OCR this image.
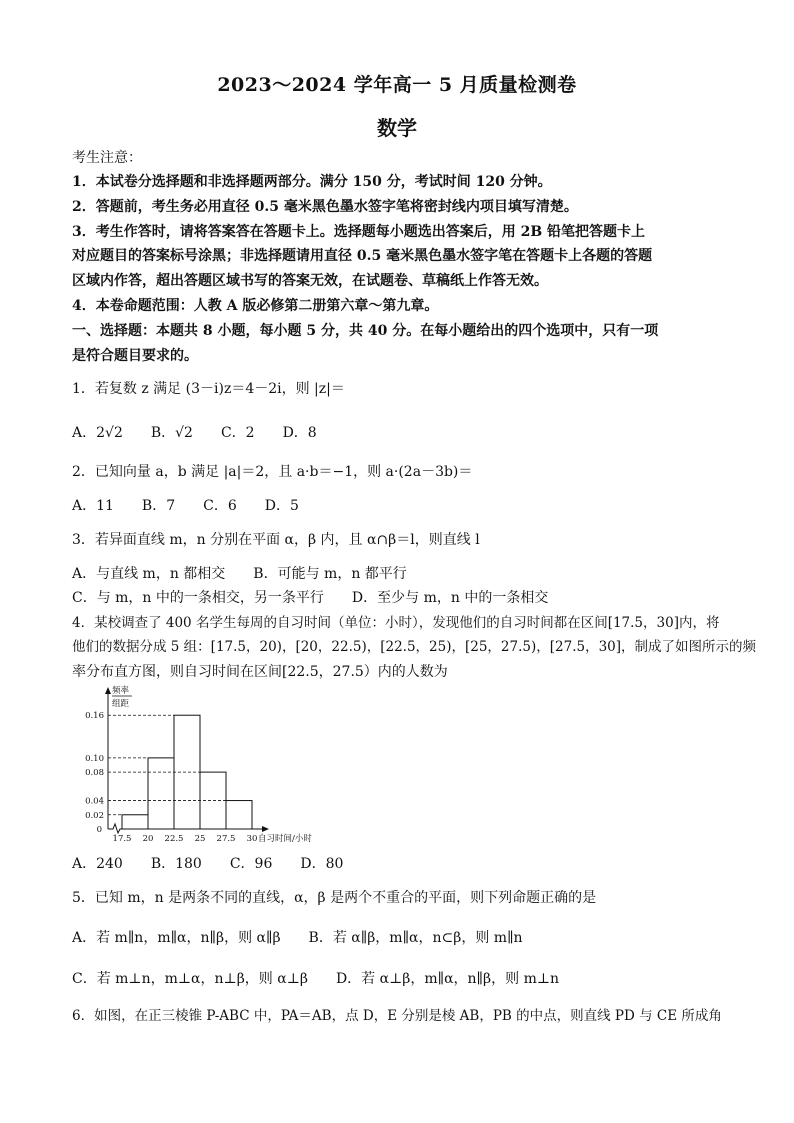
2023～2024 学年高一 5 月质量检测卷
数学
考生注意：
1．本试卷分选择题和非选择题两部分。满分 150 分，考试时间 120 分钟。
2．答题前，考生务必用直径 0.5 毫米黑色墨水签字笔将密封线内项目填写清楚。
3．考生作答时，请将答案答在答题卡上。选择题每小题选出答案后，用 2B 铅笔把答题卡上
对应题目的答案标号涂黑；非选择题请用直径 0.5 毫米黑色墨水签字笔在答题卡上各题的答题
区域内作答，超出答题区域书写的答案无效，在试题卷、草稿纸上作答无效。
4．本卷命题范围：人教 A 版必修第二册第六章～第九章。
一、选择题：本题共 8 小题，每小题 5 分，共 40 分。在每小题给出的四个选项中，只有一项
是符合题目要求的。
1．若复数 z 满足 (3－i)z＝4－2i，则 |z|＝
A．2√2　　B．√2　　C．2　　D．8
2．已知向量 a，b 满足 |a|＝2，且 a·b＝−1，则 a·(2a－3b)＝
A．11　　B．7　　C．6　　D．5
3．若异面直线 m，n 分别在平面 α，β 内，且 α∩β＝l，则直线 l
A．与直线 m，n 都相交　　B．可能与 m，n 都平行
C．与 m，n 中的一条相交，另一条平行　　D．至少与 m，n 中的一条相交
4．某校调查了 400 名学生每周的自习时间（单位：小时），发现他们的自习时间都在区间[17.5，30]内，将
他们的数据分成 5 组：[17.5，20)，[20，22.5)，[22.5，25)，[25，27.5)，[27.5，30]，制成了如图所示的频
率分布直方图，则自习时间在区间[22.5，27.5）内的人数为
0.16
0.10
0.08
0.04
0.02
0
17.5 20 22.5 25 27.5 30
频率
组距
自习时间/小时
A．240　　B．180　　C．96　　D．80
5．已知 m，n 是两条不同的直线，α，β 是两个不重合的平面，则下列命题正确的是
A．若 m∥n，m∥α，n∥β，则 α∥β　　B．若 α∥β，m∥α，n⊂β，则 m∥n
C．若 m⊥n，m⊥α，n⊥β，则 α⊥β　　D．若 α⊥β，m∥α，n∥β，则 m⊥n
6．如图，在正三棱锥 P-ABC 中，PA＝AB，点 D，E 分别是棱 AB，PB 的中点，则直线 PD 与 CE 所成角
